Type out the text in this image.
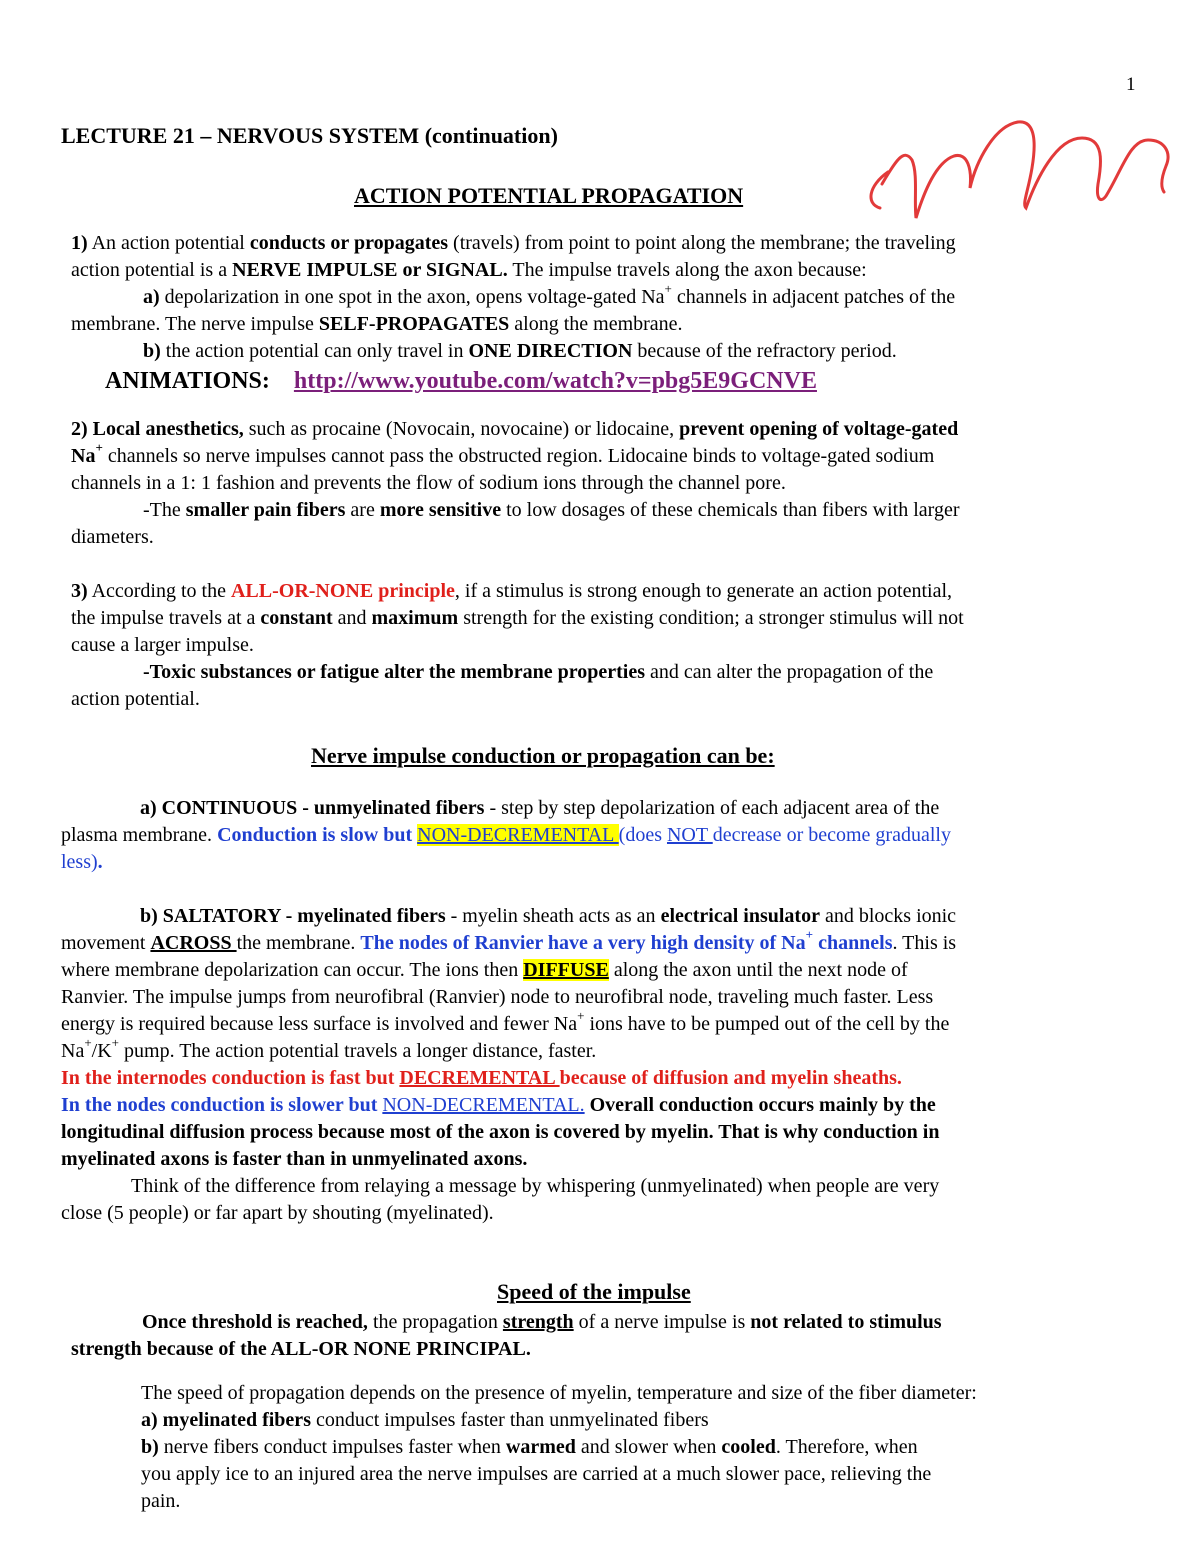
1
LECTURE 21 – NERVOUS SYSTEM (continuation)
ACTION POTENTIAL PROPAGATION
1) An action potential conducts or propagates (travels) from point to point along the membrane; the traveling
action potential is a NERVE IMPULSE or SIGNAL. The impulse travels along the axon because:
a) depolarization in one spot in the axon, opens voltage-gated Na+ channels in adjacent patches of the
membrane. The nerve impulse SELF-PROPAGATES along the membrane.
b) the action potential can only travel in ONE DIRECTION because of the refractory period.
ANIMATIONS: http://www.youtube.com/watch?v=pbg5E9GCNVE
2) Local anesthetics, such as procaine (Novocain, novocaine) or lidocaine, prevent opening of voltage-gated
Na+ channels so nerve impulses cannot pass the obstructed region. Lidocaine binds to voltage-gated sodium
channels in a 1: 1 fashion and prevents the flow of sodium ions through the channel pore.
-The smaller pain fibers are more sensitive to low dosages of these chemicals than fibers with larger
diameters.
3) According to the ALL-OR-NONE principle, if a stimulus is strong enough to generate an action potential,
the impulse travels at a constant and maximum strength for the existing condition; a stronger stimulus will not
cause a larger impulse.
-Toxic substances or fatigue alter the membrane properties and can alter the propagation of the
action potential.
Nerve impulse conduction or propagation can be:
a) CONTINUOUS - unmyelinated fibers - step by step depolarization of each adjacent area of the
plasma membrane. Conduction is slow but NON-DECREMENTAL (does NOT decrease or become gradually
less).
b) SALTATORY - myelinated fibers - myelin sheath acts as an electrical insulator and blocks ionic
movement ACROSS the membrane. The nodes of Ranvier have a very high density of Na+ channels. This is
where membrane depolarization can occur. The ions then DIFFUSE along the axon until the next node of
Ranvier. The impulse jumps from neurofibral (Ranvier) node to neurofibral node, traveling much faster. Less
energy is required because less surface is involved and fewer Na+ ions have to be pumped out of the cell by the
Na+/K+ pump. The action potential travels a longer distance, faster.
In the internodes conduction is fast but DECREMENTAL because of diffusion and myelin sheaths.
In the nodes conduction is slower but NON-DECREMENTAL. Overall conduction occurs mainly by the
longitudinal diffusion process because most of the axon is covered by myelin. That is why conduction in
myelinated axons is faster than in unmyelinated axons.
Think of the difference from relaying a message by whispering (unmyelinated) when people are very
close (5 people) or far apart by shouting (myelinated).
Speed of the impulse
Once threshold is reached, the propagation strength of a nerve impulse is not related to stimulus
strength because of the ALL-OR NONE PRINCIPAL.
The speed of propagation depends on the presence of myelin, temperature and size of the fiber diameter:
a) myelinated fibers conduct impulses faster than unmyelinated fibers
b) nerve fibers conduct impulses faster when warmed and slower when cooled. Therefore, when
you apply ice to an injured area the nerve impulses are carried at a much slower pace, relieving the
pain.
